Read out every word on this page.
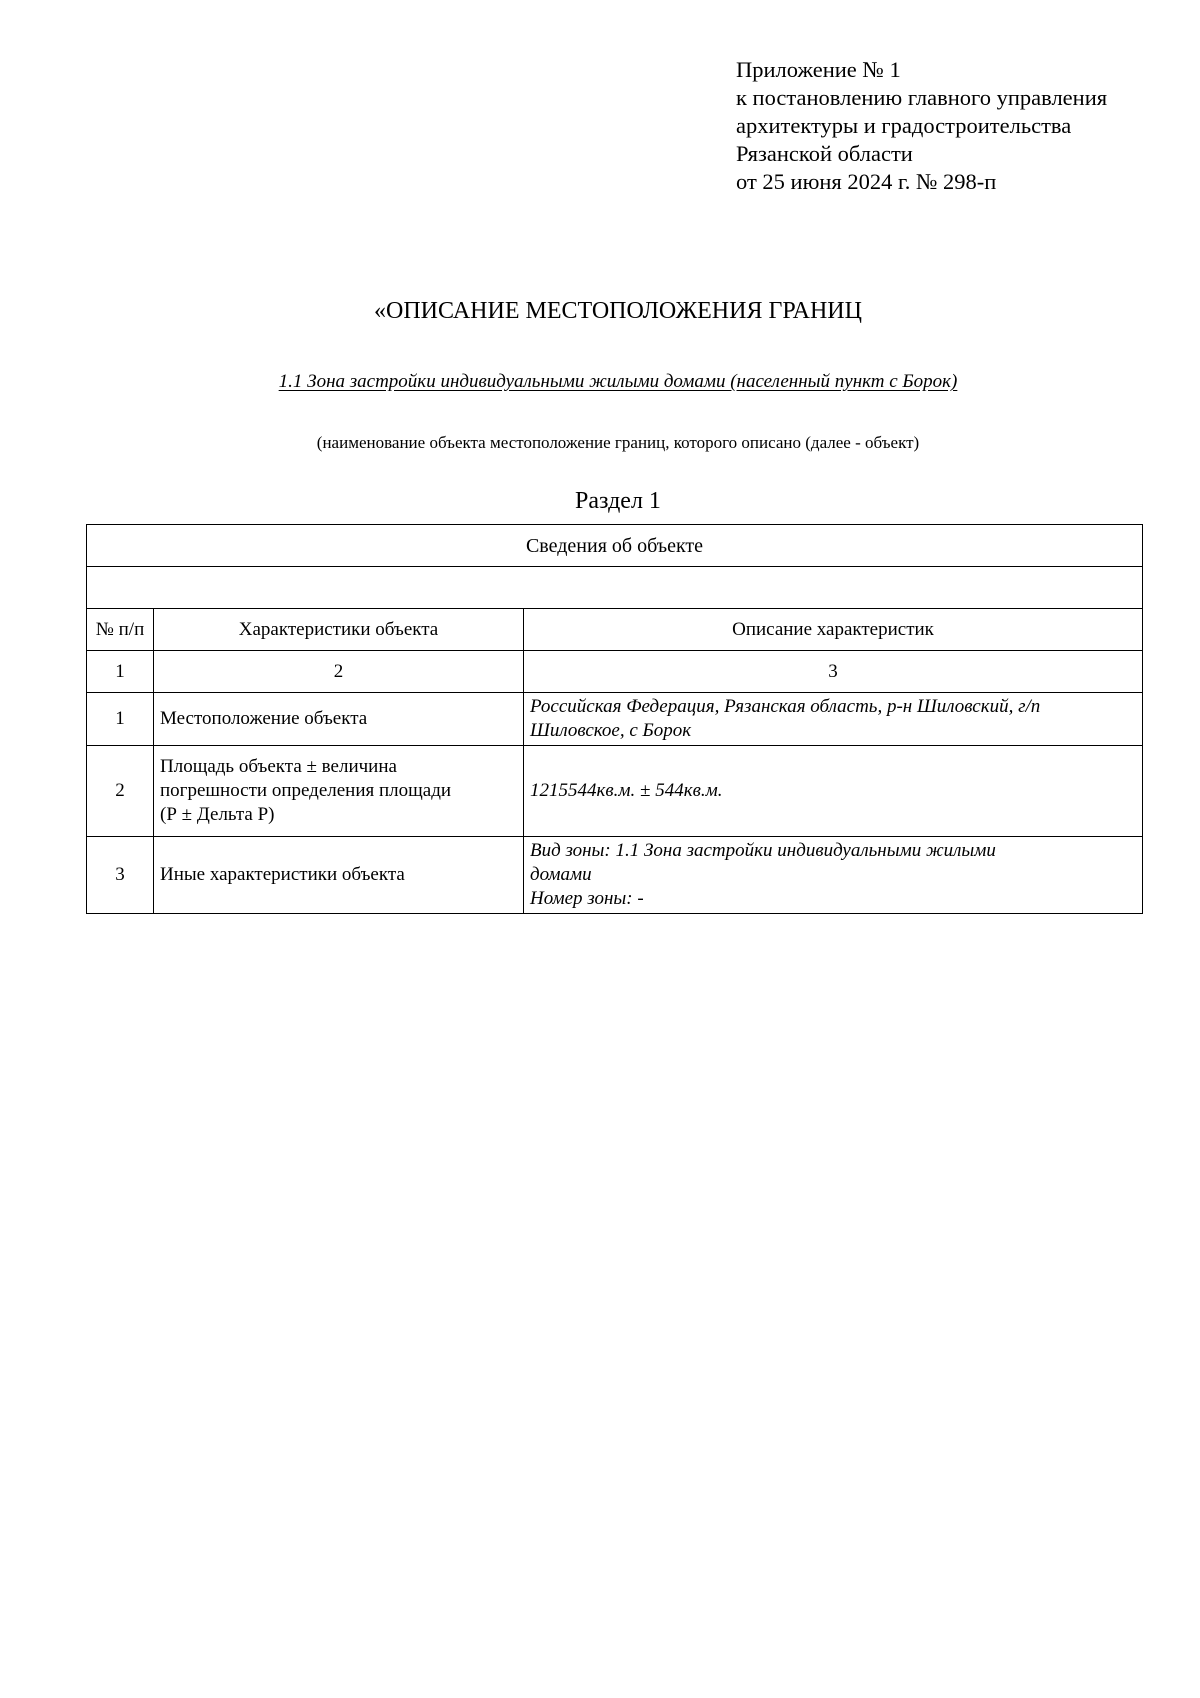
Приложение № 1
к постановлению главного управления
архитектуры и градостроительства
Рязанской области
от 25 июня 2024 г. № 298-п
«ОПИСАНИЕ МЕСТОПОЛОЖЕНИЯ ГРАНИЦ
1.1 Зона застройки индивидуальными жилыми домами (населенный пункт с Борок)
(наименование объекта местоположение границ, которого описано (далее - объект)
Раздел 1
Сведения об объекте		

№ п/п	Характеристики объекта	Описание характеристик
1	2	3
1	Местоположение объекта	Российская Федерация, Рязанская область, р-н Шиловский, г/п
Шиловское, с Борок

2	Площадь объекта ± величина
погрешности определения площади
(Р ± Дельта Р)	1215544кв.м. ± 544кв.м.

3	Иные характеристики объекта	Вид зоны: 1.1 Зона застройки индивидуальными жилыми
домами
Номер зоны: -
